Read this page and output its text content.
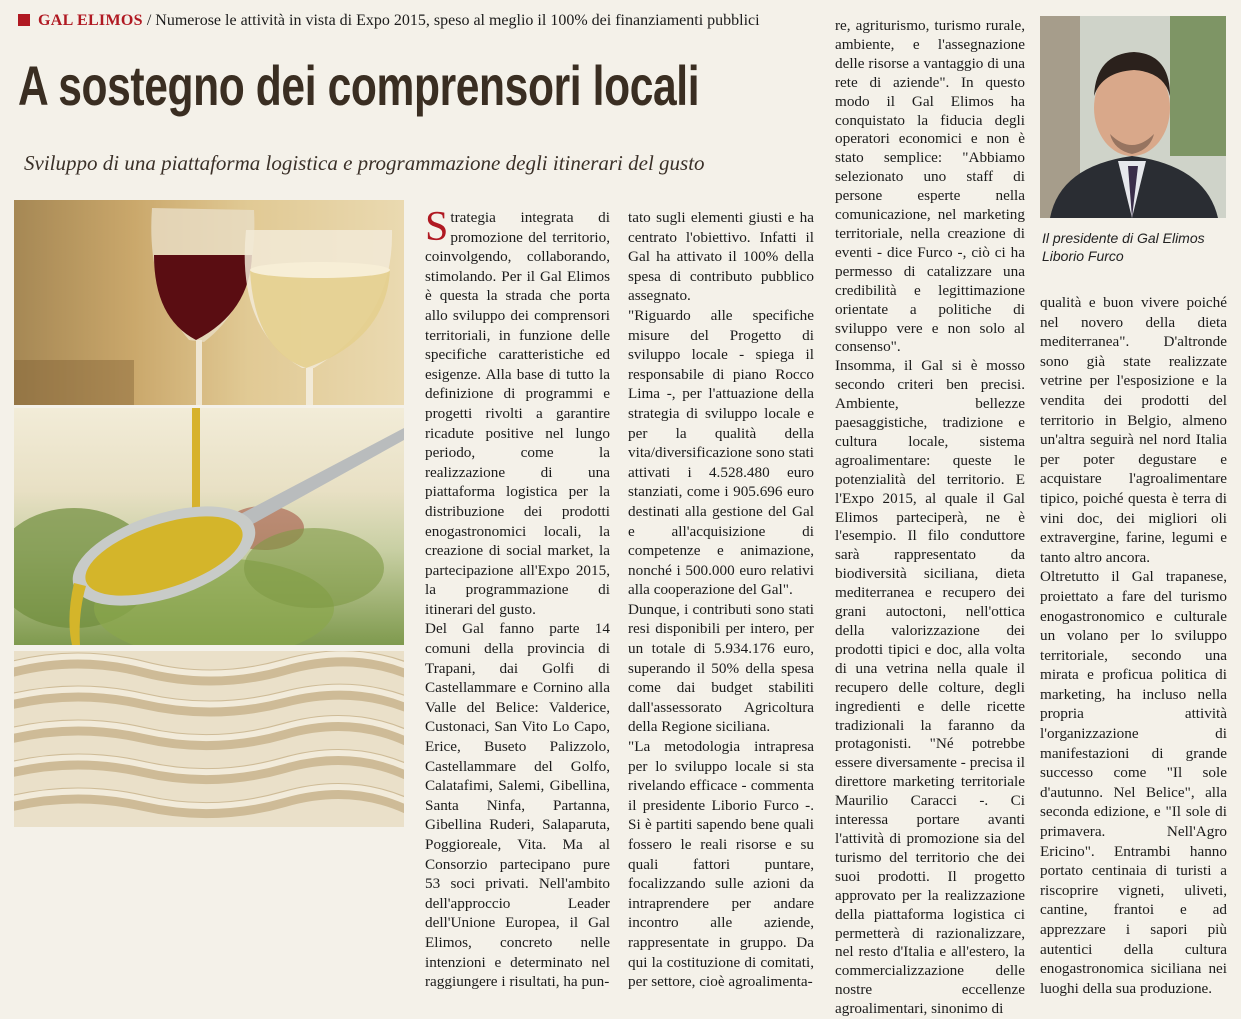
GAL ELIMOS / Numerose le attività in vista di Expo 2015, speso al meglio il 100% dei finanziamenti pubblici
A sostegno dei comprensori locali

Sviluppo di una piattaforma logistica e programmazione degli itinerari del gusto

Strategia integrata di promozione del territorio, coinvolgendo, collaborando, stimolando. Per il Gal Elimos è questa la strada che porta allo sviluppo dei comprensori territoriali, in funzione delle specifiche caratteristiche ed esigenze. Alla base di tutto la definizione di programmi e progetti rivolti a garantire ricadute positive nel lungo periodo, come la realizzazione di una piattaforma logistica per la distribuzione dei prodotti enogastronomici locali, la creazione di social market, la partecipazione all'Expo 2015, la programmazione di itinerari del gusto.

Del Gal fanno parte 14 comuni della provincia di Trapani, dai Golfi di Castellammare e Cornino alla Valle del Belice: Valderice, Custonaci, San Vito Lo Capo, Erice, Buseto Palizzolo, Castellammare del Golfo, Calatafimi, Salemi, Gibellina, Santa Ninfa, Partanna, Gibellina Ruderi, Salaparuta, Poggioreale, Vita. Ma al Consorzio partecipano pure 53 soci privati. Nell'ambito dell'approccio Leader dell'Unione Europea, il Gal Elimos, concreto nelle intenzioni e determinato nel raggiungere i risultati, ha pun-

tato sugli elementi giusti e ha centrato l'obiettivo. Infatti il Gal ha attivato il 100% della spesa di contributo pubblico assegnato.

"Riguardo alle specifiche misure del Progetto di sviluppo locale - spiega il responsabile di piano Rocco Lima -, per l'attuazione della strategia di sviluppo locale e per la qualità della vita/diversificazione sono stati attivati i 4.528.480 euro stanziati, come i 905.696 euro destinati alla gestione del Gal e all'acquisizione di competenze e animazione, nonché i 500.000 euro relativi alla cooperazione del Gal".

Dunque, i contributi sono stati resi disponibili per intero, per un totale di 5.934.176 euro, superando il 50% della spesa come dai budget stabiliti dall'assessorato Agricoltura della Regione siciliana.

"La metodologia intrapresa per lo sviluppo locale si sta rivelando efficace - commenta il presidente Liborio Furco -. Si è partiti sapendo bene quali fossero le reali risorse e su quali fattori puntare, focalizzando sulle azioni da intraprendere per andare incontro alle aziende, rappresentate in gruppo. Da qui la costituzione di comitati, per settore, cioè agroalimenta-

re, agriturismo, turismo rurale, ambiente, e l'assegnazione delle risorse a vantaggio di una rete di aziende". In questo modo il Gal Elimos ha conquistato la fiducia degli operatori economici e non è stato semplice: "Abbiamo selezionato uno staff di persone esperte nella comunicazione, nel marketing territoriale, nella creazione di eventi - dice Furco -, ciò ci ha permesso di catalizzare una credibilità e legittimazione orientate a politiche di sviluppo vere e non solo al consenso".

Insomma, il Gal si è mosso secondo criteri ben precisi. Ambiente, bellezze paesaggistiche, tradizione e cultura locale, sistema agroalimentare: queste le potenzialità del territorio. E l'Expo 2015, al quale il Gal Elimos parteciperà, ne è l'esempio. Il filo conduttore sarà rappresentato da biodiversità siciliana, dieta mediterranea e recupero dei grani autoctoni, nell'ottica della valorizzazione dei prodotti tipici e doc, alla volta di una vetrina nella quale il recupero delle colture, degli ingredienti e delle ricette tradizionali la faranno da protagonisti. "Né potrebbe essere diversamente - precisa il direttore marketing territoriale Maurilio Caracci -. Ci interessa portare avanti l'attività di promozione sia del turismo del territorio che dei suoi prodotti. Il progetto approvato per la realizzazione della piattaforma logistica ci permetterà di razionalizzare, nel resto d'Italia e all'estero, la commercializzazione delle nostre eccellenze agroalimentari, sinonimo di

Il presidente di Gal Elimos
Liborio Furco

qualità e buon vivere poiché nel novero della dieta mediterranea". D'altronde sono già state realizzate vetrine per l'esposizione e la vendita dei prodotti del territorio in Belgio, almeno un'altra seguirà nel nord Italia per poter degustare e acquistare l'agroalimentare tipico, poiché questa è terra di vini doc, dei migliori oli extravergine, farine, legumi e tanto altro ancora.

Oltretutto il Gal trapanese, proiettato a fare del turismo enogastronomico e culturale un volano per lo sviluppo territoriale, secondo una mirata e proficua politica di marketing, ha incluso nella propria attività l'organizzazione di manifestazioni di grande successo come "Il sole d'autunno. Nel Belice", alla seconda edizione, e "Il sole di primavera. Nell'Agro Ericino". Entrambi hanno portato centinaia di turisti a riscoprire vigneti, uliveti, cantine, frantoi e ad apprezzare i sapori più autentici della cultura enogastronomica siciliana nei luoghi della sua produzione.
